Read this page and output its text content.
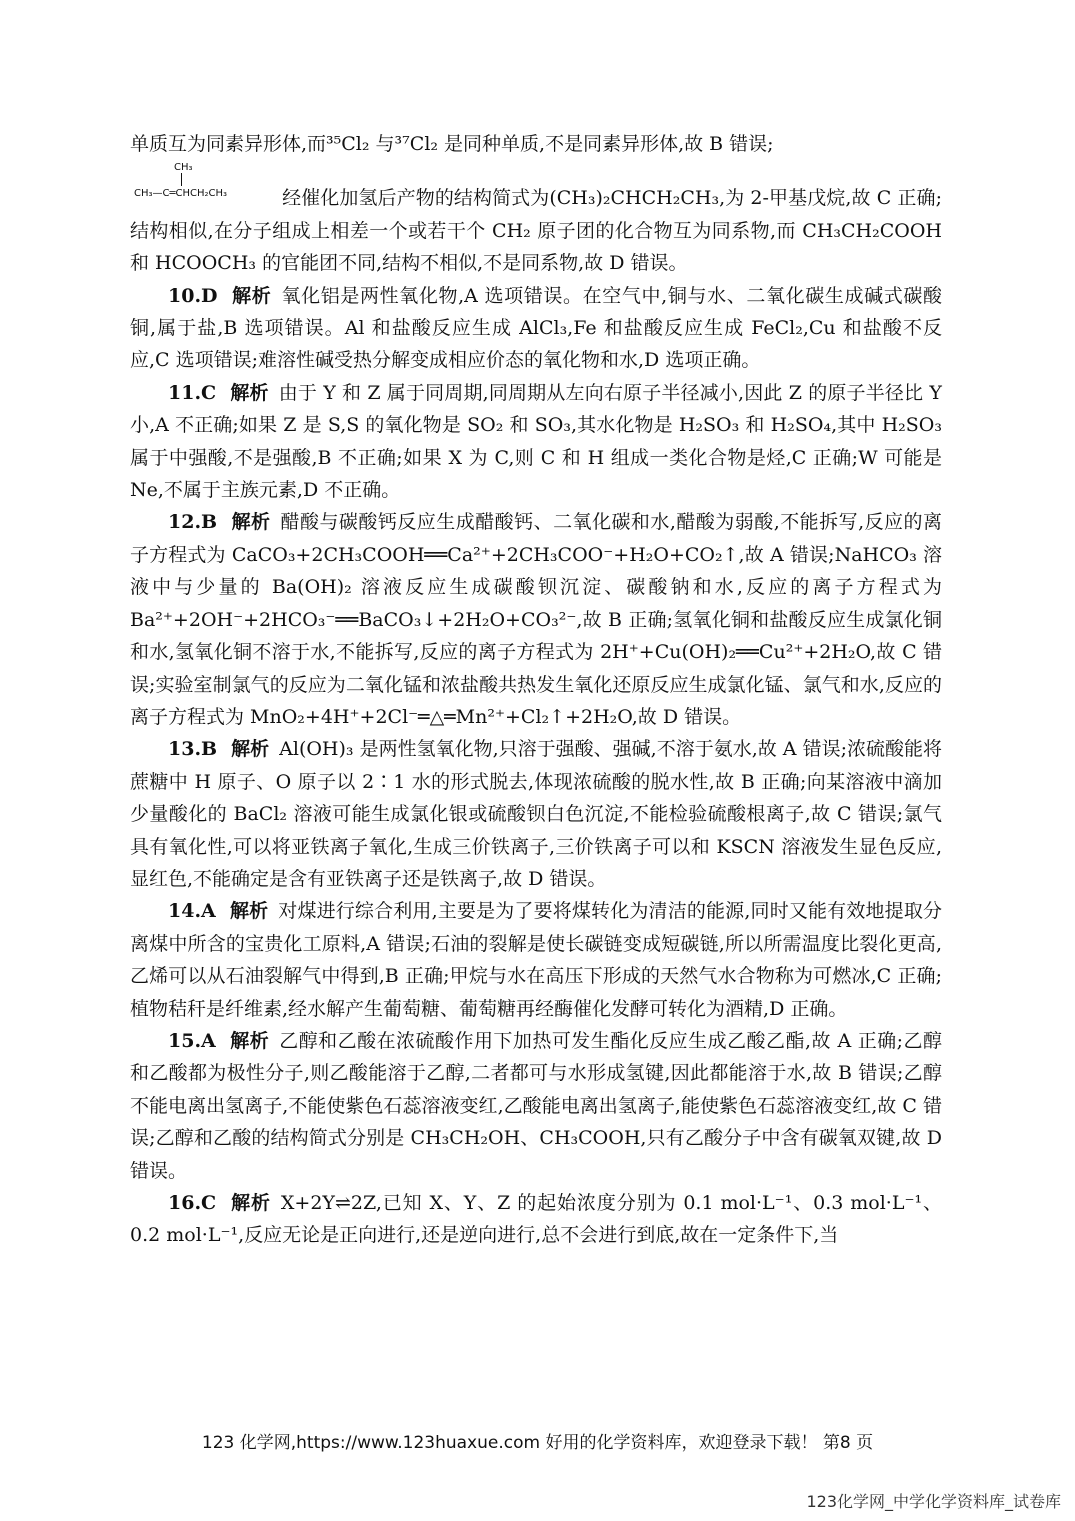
单质互为同素异形体,而³⁵Cl₂ 与³⁷Cl₂ 是同种单质,不是同素异形体,故 B 错误;

CH₃
CH₃—C═CHCH₂CH₃	经催化加氢后产物的结构简式为(CH₃)₂CHCH₂CH₃,为 2-甲基戊烷,故 C 正确;结构相似,在分子组成上相差一个或若干个 CH₂ 原子团的化合物互为同系物,而 CH₃CH₂COOH 和 HCOOCH₃ 的官能团不同,结构不相似,不是同系物,故 D 错误。

10.D 解析 氧化铝是两性氧化物,A 选项错误。在空气中,铜与水、二氧化碳生成碱式碳酸铜,属于盐,B 选项错误。Al 和盐酸反应生成 AlCl₃,Fe 和盐酸反应生成 FeCl₂,Cu 和盐酸不反应,C 选项错误;难溶性碱受热分解变成相应价态的氧化物和水,D 选项正确。

11.C 解析 由于 Y 和 Z 属于同周期,同周期从左向右原子半径减小,因此 Z 的原子半径比 Y 小,A 不正确;如果 Z 是 S,S 的氧化物是 SO₂ 和 SO₃,其水化物是 H₂SO₃ 和 H₂SO₄,其中 H₂SO₃ 属于中强酸,不是强酸,B 不正确;如果 X 为 C,则 C 和 H 组成一类化合物是烃,C 正确;W 可能是 Ne,不属于主族元素,D 不正确。

12.B 解析 醋酸与碳酸钙反应生成醋酸钙、二氧化碳和水,醋酸为弱酸,不能拆写,反应的离子方程式为 CaCO₃+2CH₃COOH══Ca²⁺+2CH₃COO⁻+H₂O+CO₂↑,故 A 错误;NaHCO₃ 溶液中与少量的 Ba(OH)₂ 溶液反应生成碳酸钡沉淀、碳酸钠和水,反应的离子方程式为 Ba²⁺+2OH⁻+2HCO₃⁻══BaCO₃↓+2H₂O+CO₃²⁻,故 B 正确;氢氧化铜和盐酸反应生成氯化铜和水,氢氧化铜不溶于水,不能拆写,反应的离子方程式为 2H⁺+Cu(OH)₂══Cu²⁺+2H₂O,故 C 错误;实验室制氯气的反应为二氧化锰和浓盐酸共热发生氧化还原反应生成氯化锰、氯气和水,反应的离子方程式为 MnO₂+4H⁺+2Cl⁻═△═Mn²⁺+Cl₂↑+2H₂O,故 D 错误。

13.B 解析 Al(OH)₃ 是两性氢氧化物,只溶于强酸、强碱,不溶于氨水,故 A 错误;浓硫酸能将蔗糖中 H 原子、O 原子以 2∶1 水的形式脱去,体现浓硫酸的脱水性,故 B 正确;向某溶液中滴加少量酸化的 BaCl₂ 溶液可能生成氯化银或硫酸钡白色沉淀,不能检验硫酸根离子,故 C 错误;氯气具有氧化性,可以将亚铁离子氧化,生成三价铁离子,三价铁离子可以和 KSCN 溶液发生显色反应,显红色,不能确定是含有亚铁离子还是铁离子,故 D 错误。

14.A 解析 对煤进行综合利用,主要是为了要将煤转化为清洁的能源,同时又能有效地提取分离煤中所含的宝贵化工原料,A 错误;石油的裂解是使长碳链变成短碳链,所以所需温度比裂化更高,乙烯可以从石油裂解气中得到,B 正确;甲烷与水在高压下形成的天然气水合物称为可燃冰,C 正确;植物秸秆是纤维素,经水解产生葡萄糖、葡萄糖再经酶催化发酵可转化为酒精,D 正确。

15.A 解析 乙醇和乙酸在浓硫酸作用下加热可发生酯化反应生成乙酸乙酯,故 A 正确;乙醇和乙酸都为极性分子,则乙酸能溶于乙醇,二者都可与水形成氢键,因此都能溶于水,故 B 错误;乙醇不能电离出氢离子,不能使紫色石蕊溶液变红,乙酸能电离出氢离子,能使紫色石蕊溶液变红,故 C 错误;乙醇和乙酸的结构简式分别是 CH₃CH₂OH、CH₃COOH,只有乙酸分子中含有碳氧双键,故 D 错误。

16.C 解析 X+2Y⇌2Z,已知 X、Y、Z 的起始浓度分别为 0.1 mol·L⁻¹、0.3 mol·L⁻¹、0.2 mol·L⁻¹,反应无论是正向进行,还是逆向进行,总不会进行到底,故在一定条件下,当

123 化学网,https://www.123huaxue.com 好用的化学资料库，欢迎登录下载！ 第8 页
123化学网_中学化学资料库_试卷库
